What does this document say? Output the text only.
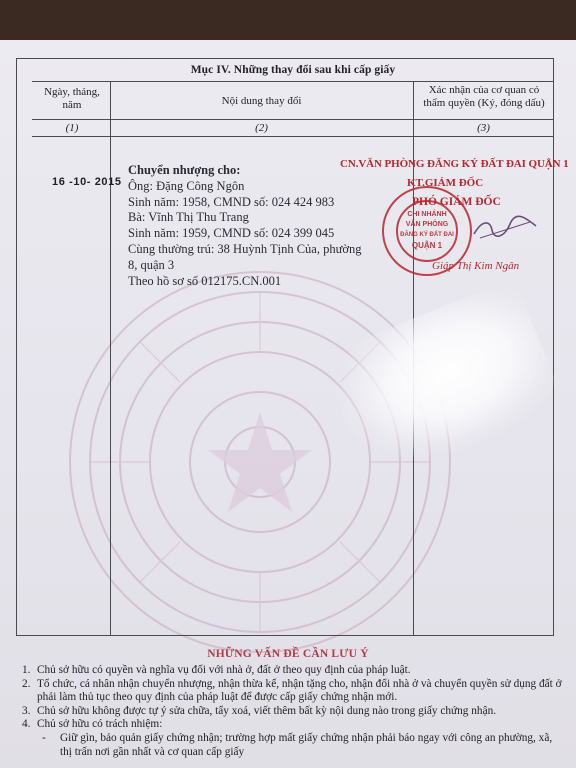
Mục IV. Những thay đổi sau khi cấp giấy
Ngày, tháng, năm	Nội dung thay đổi
Xác nhận của cơ quan có thẩm quyền (Ký, đóng dấu)
(1)	(2)	(3)
16 -10- 2015
Chuyển nhượng cho:
Ông: Đặng Công Ngôn
Sinh năm: 1958, CMND số: 024 424 983
Bà: Vĩnh Thị Thu Trang
Sinh năm: 1959, CMND số: 024 399 045
Cùng thường trú: 38 Huỳnh Tịnh Của, phường
8, quận 3
Theo hồ sơ số 012175.CN.001
CHI NHÁNH
VĂN PHÒNG
ĐĂNG KÝ ĐẤT ĐAI
QUẬN 1
CN.VĂN PHÒNG ĐĂNG KÝ ĐẤT ĐAI QUẬN 1
KT.GIÁM ĐỐC
PHÓ GIÁM ĐỐC
Giáp Thị Kim Ngân
NHỮNG VẤN ĐỀ CẦN LƯU Ý
1. Chủ sở hữu có quyền và nghĩa vụ đối với nhà ở, đất ở theo quy định của pháp luật.
2. Tổ chức, cá nhân nhận chuyển nhượng, nhận thừa kế, nhận tặng cho, nhận đổi nhà ở và chuyển quyền sử dụng đất ở phải làm thủ tục theo quy định của pháp luật để được cấp giấy chứng nhận mới.
3. Chủ sở hữu không được tự ý sửa chữa, tẩy xoá, viết thêm bất kỳ nội dung nào trong giấy chứng nhận.
4. Chủ sở hữu có trách nhiệm:
- Giữ gìn, bảo quản giấy chứng nhận; trường hợp mất giấy chứng nhận phải báo ngay với công an phường, xã, thị trấn nơi gần nhất và cơ quan cấp giấy
